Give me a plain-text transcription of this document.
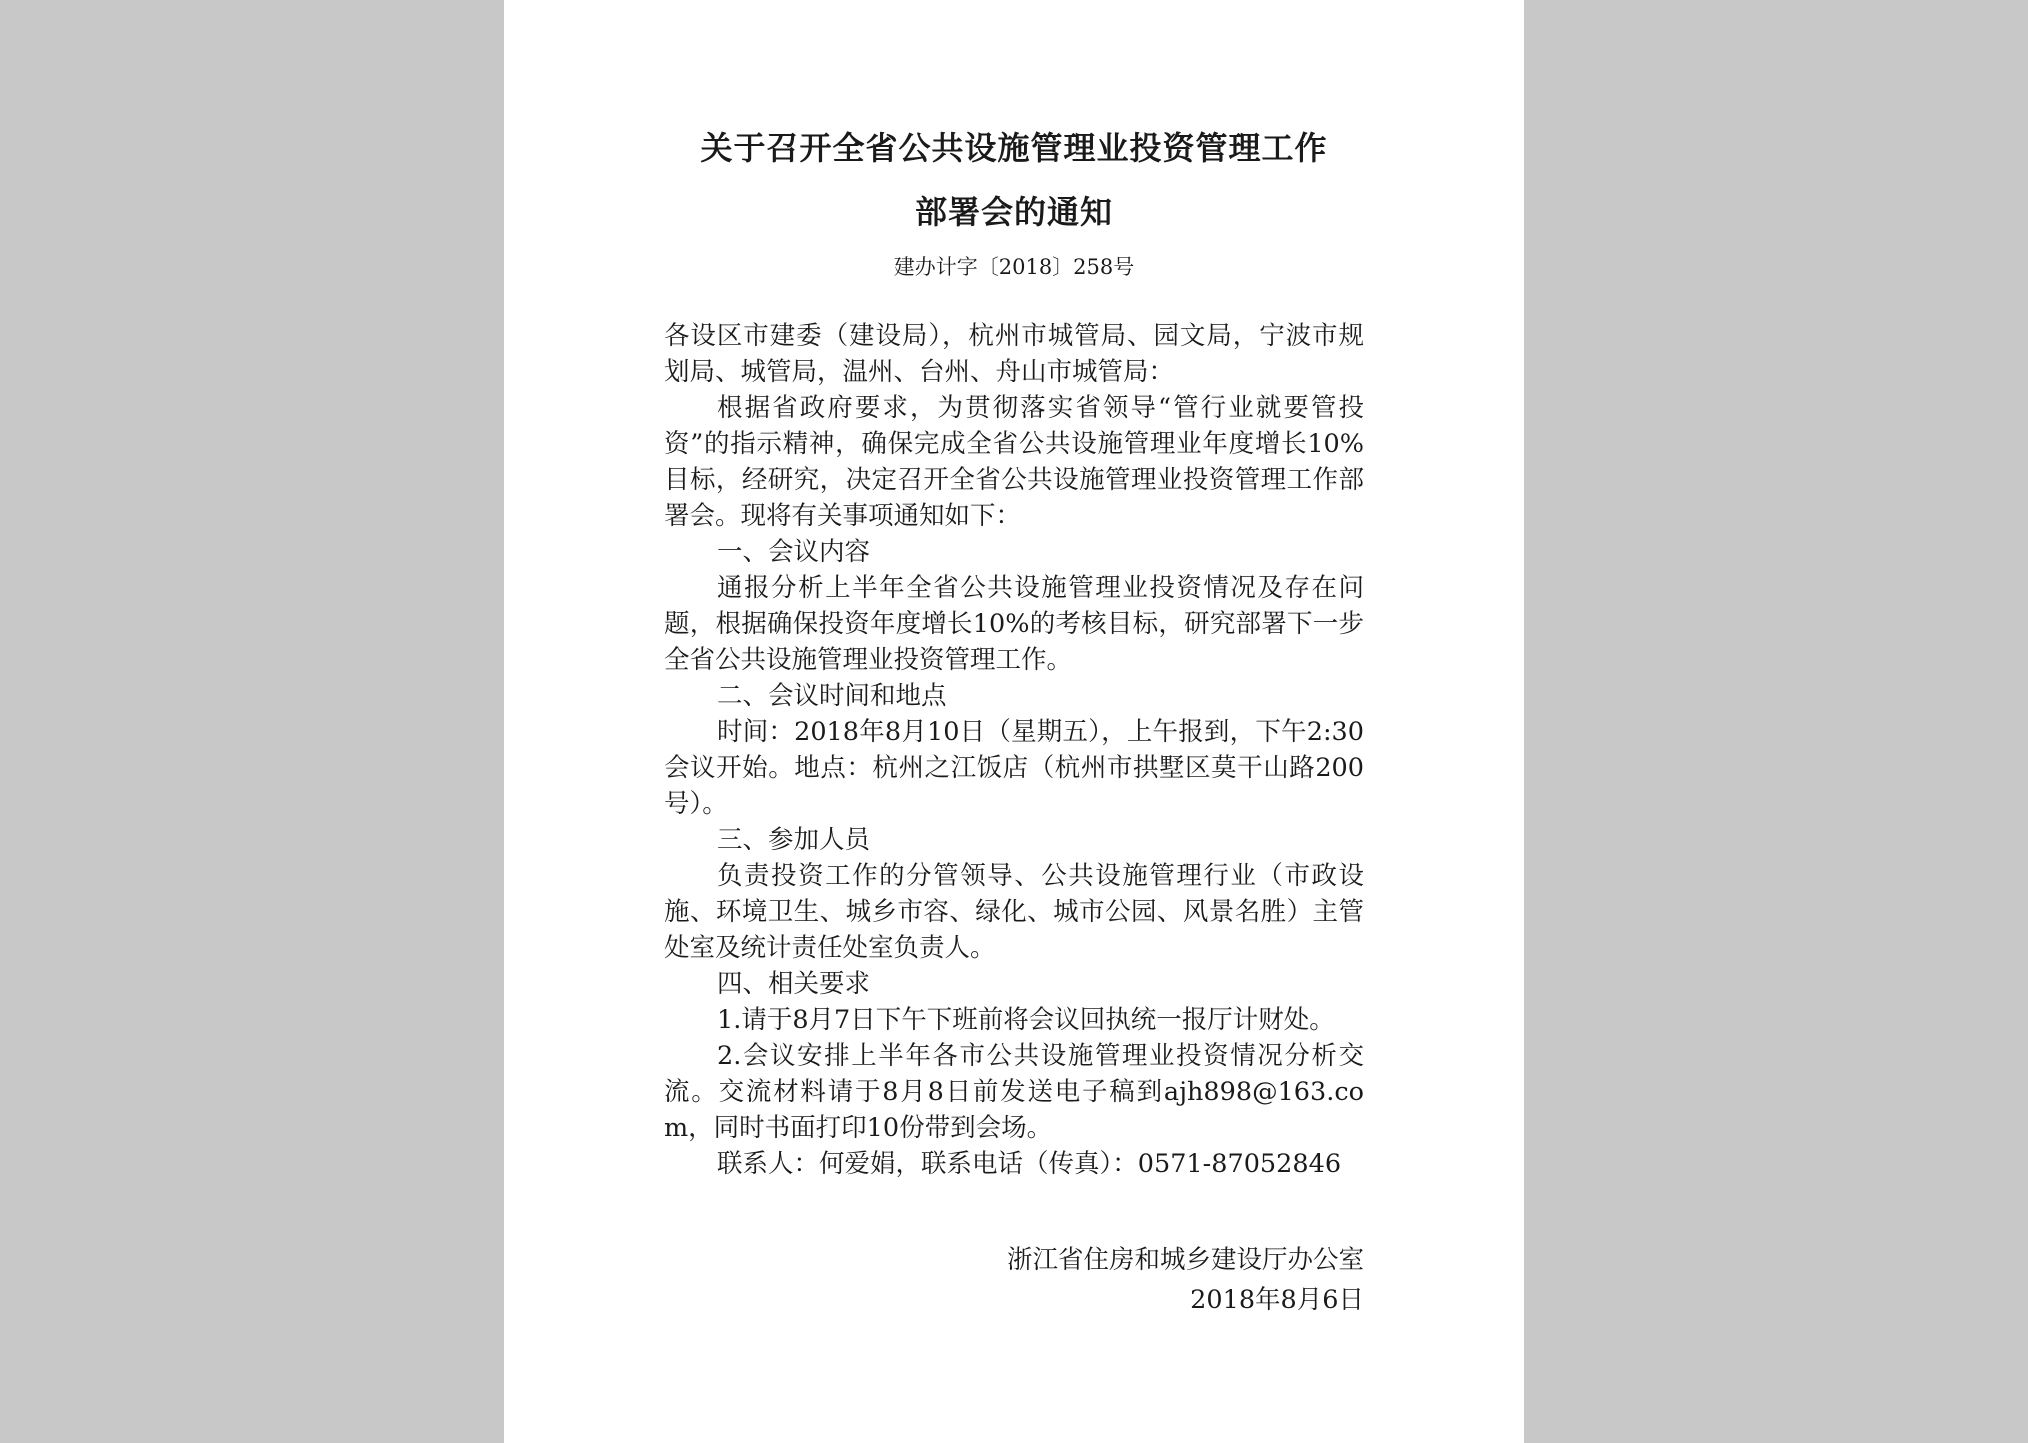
关于召开全省公共设施管理业投资管理工作
部署会的通知
建办计字〔2018〕258号

各设区市建委（建设局），杭州市城管局、园文局，宁波市规划局、城管局，温州、台州、舟山市城管局：

根据省政府要求，为贯彻落实省领导“管行业就要管投资”的指示精神，确保完成全省公共设施管理业年度增长10%目标，经研究，决定召开全省公共设施管理业投资管理工作部署会。现将有关事项通知如下：

一、会议内容

通报分析上半年全省公共设施管理业投资情况及存在问题，根据确保投资年度增长10%的考核目标，研究部署下一步全省公共设施管理业投资管理工作。

二、会议时间和地点

时间：2018年8月10日（星期五），上午报到，下午2:30会议开始。地点：杭州之江饭店（杭州市拱墅区莫干山路200号）。

三、参加人员

负责投资工作的分管领导、公共设施管理行业（市政设施、环境卫生、城乡市容、绿化、城市公园、风景名胜）主管处室及统计责任处室负责人。

四、相关要求

1.请于8月7日下午下班前将会议回执统一报厅计财处。

2.会议安排上半年各市公共设施管理业投资情况分析交流。交流材料请于8月8日前发送电子稿到ajh898@163.com，同时书面打印10份带到会场。

联系人：何爱娟，联系电话（传真）：0571-87052846

浙江省住房和城乡建设厅办公室
2018年8月6日
